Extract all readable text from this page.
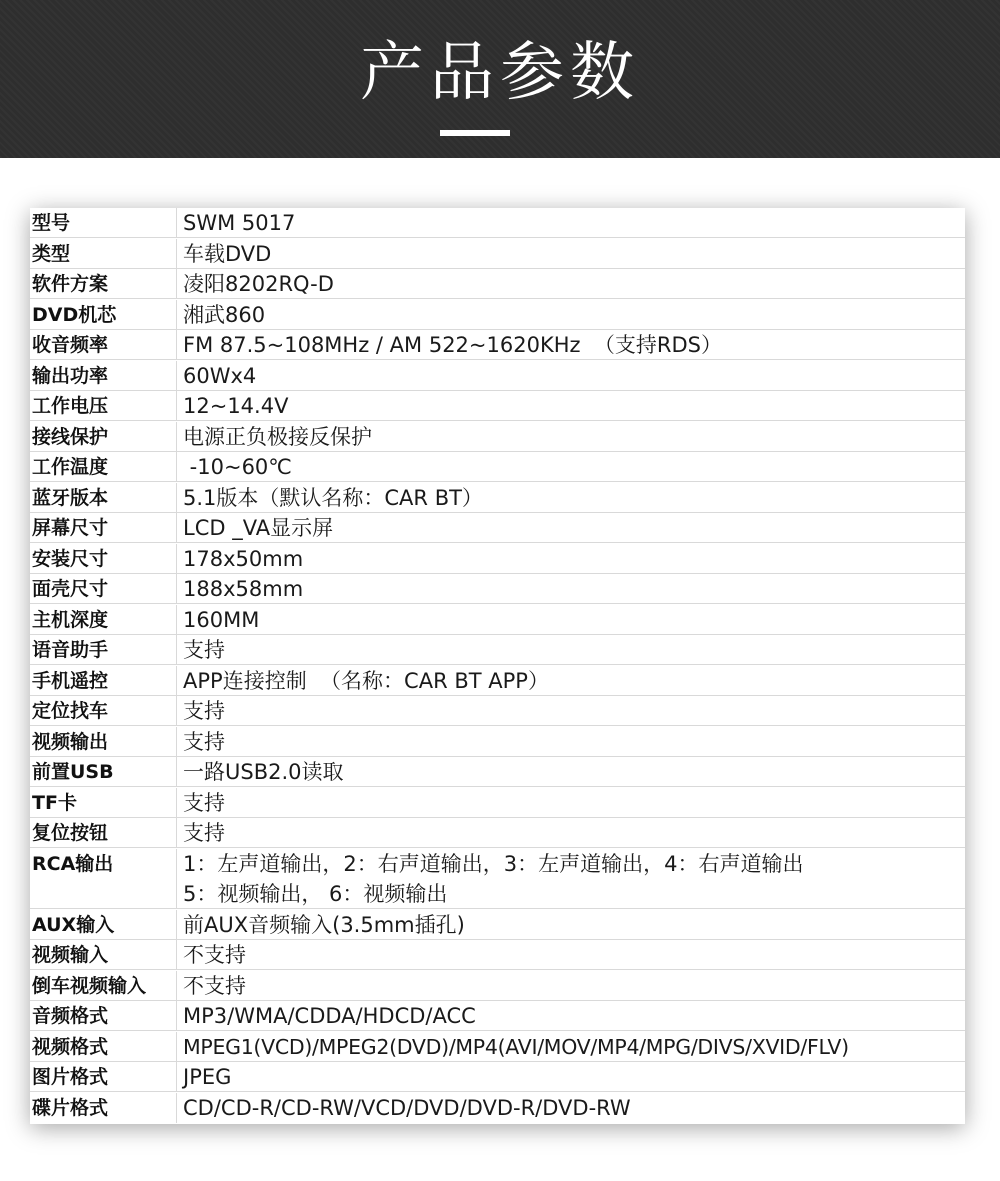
产品参数
型号	SWM 5017
类型	车载DVD
软件方案	凌阳8202RQ-D
DVD机芯	湘武860
收音频率	FM 87.5~108MHz / AM 522~1620KHz  （支持RDS）
输出功率	60Wx4
工作电压	12~14.4V
接线保护	电源正负极接反保护
工作温度	-10~60℃
蓝牙版本	5.1版本（默认名称：CAR BT）
屏幕尺寸	LCD _VA显示屏
安装尺寸	178x50mm
面壳尺寸	188x58mm
主机深度	160MM
语音助手	支持
手机遥控	APP连接控制  （名称：CAR BT APP）
定位找车	支持
视频输出	支持
前置USB	一路USB2.0读取
TF卡	支持
复位按钮	支持
RCA输出	1：左声道输出，2：右声道输出，3：左声道输出，4：右声道输出
5：视频输出， 6：视频输出
AUX输入	前AUX音频输入(3.5mm插孔)
视频输入	不支持
倒车视频输入	不支持
音频格式	MP3/WMA/CDDA/HDCD/ACC
视频格式	MPEG1(VCD)/MPEG2(DVD)/MP4(AVI/MOV/MP4/MPG/DIVS/XVID/FLV)
图片格式	JPEG
碟片格式	CD/CD-R/CD-RW/VCD/DVD/DVD-R/DVD-RW
